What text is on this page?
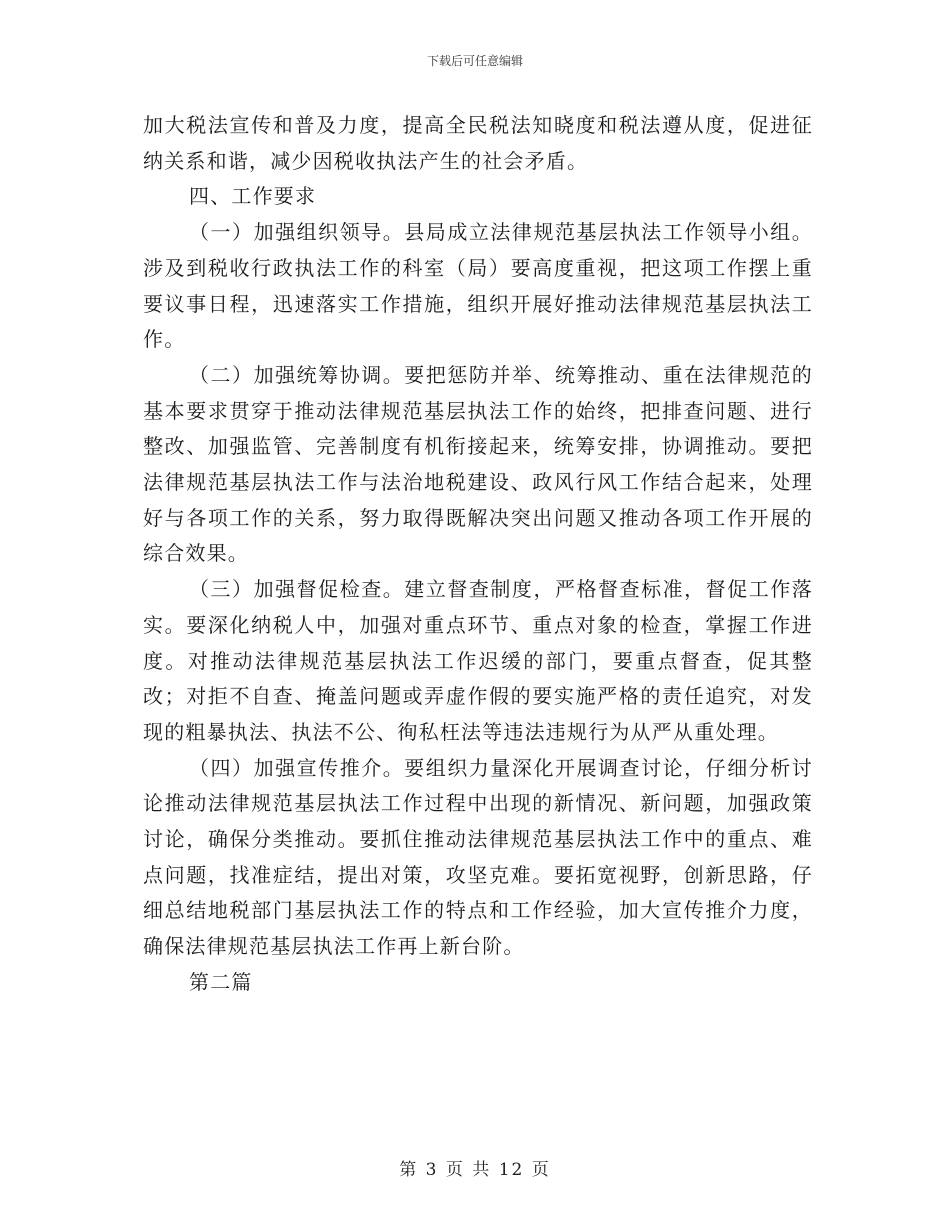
下载后可任意编辑

加大税法宣传和普及力度，提高全民税法知晓度和税法遵从度，促进征纳关系和谐，减少因税收执法产生的社会矛盾。

四、工作要求

（一）加强组织领导。县局成立法律规范基层执法工作领导小组。涉及到税收行政执法工作的科室（局）要高度重视，把这项工作摆上重要议事日程，迅速落实工作措施，组织开展好推动法律规范基层执法工作。

（二）加强统筹协调。要把惩防并举、统筹推动、重在法律规范的基本要求贯穿于推动法律规范基层执法工作的始终，把排查问题、进行整改、加强监管、完善制度有机衔接起来，统筹安排，协调推动。要把法律规范基层执法工作与法治地税建设、政风行风工作结合起来，处理好与各项工作的关系，努力取得既解决突出问题又推动各项工作开展的综合效果。

（三）加强督促检查。建立督查制度，严格督查标准，督促工作落实。要深化纳税人中，加强对重点环节、重点对象的检查，掌握工作进度。对推动法律规范基层执法工作迟缓的部门，要重点督查，促其整改；对拒不自查、掩盖问题或弄虚作假的要实施严格的责任追究，对发现的粗暴执法、执法不公、徇私枉法等违法违规行为从严从重处理。

（四）加强宣传推介。要组织力量深化开展调查讨论，仔细分析讨论推动法律规范基层执法工作过程中出现的新情况、新问题，加强政策讨论，确保分类推动。要抓住推动法律规范基层执法工作中的重点、难点问题，找准症结，提出对策，攻坚克难。要拓宽视野，创新思路，仔细总结地税部门基层执法工作的特点和工作经验，加大宣传推介力度，确保法律规范基层执法工作再上新台阶。

第二篇

第 3 页 共 12 页
